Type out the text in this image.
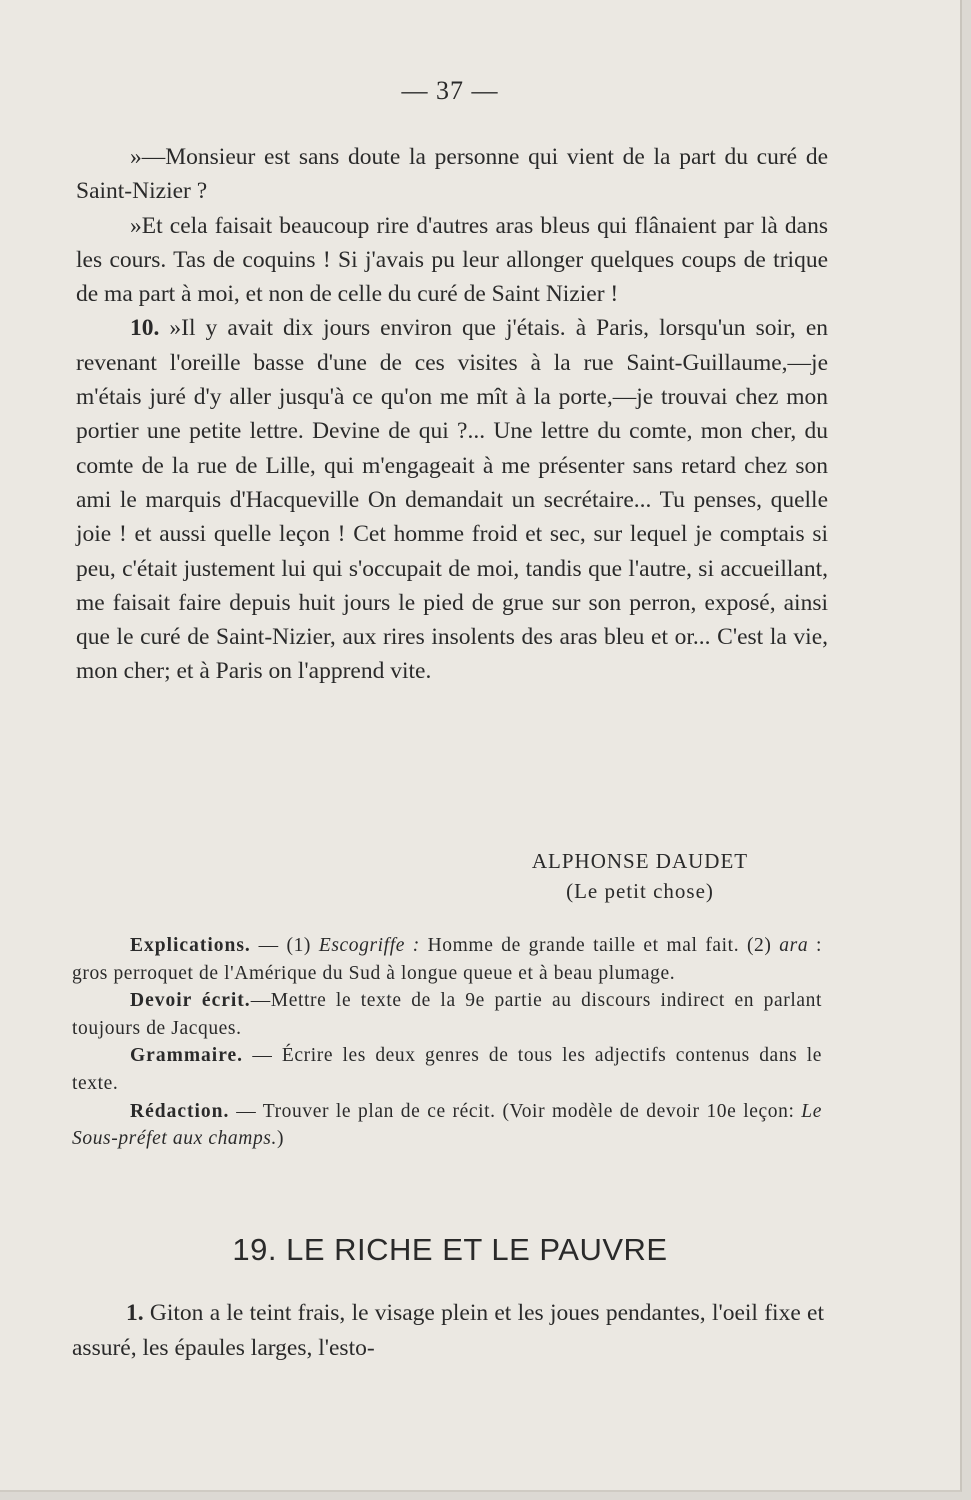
— 37 —

»—Monsieur est sans doute la personne qui vient de la part du curé de Saint-Nizier ?

»Et cela faisait beaucoup rire d'autres aras bleus qui flânaient par là dans les cours. Tas de coquins ! Si j'avais pu leur allonger quelques coups de trique de ma part à moi, et non de celle du curé de Saint Nizier !

10. »Il y avait dix jours environ que j'étais. à Paris, lorsqu'un soir, en revenant l'oreille basse d'une de ces visites à la rue Saint-Guillaume,—je m'étais juré d'y aller jusqu'à ce qu'on me mît à la porte,—je trouvai chez mon portier une petite lettre. Devine de qui ?... Une lettre du comte, mon cher, du comte de la rue de Lille, qui m'engageait à me présenter sans retard chez son ami le marquis d'Hacqueville On demandait un secrétaire... Tu penses, quelle joie ! et aussi quelle leçon ! Cet homme froid et sec, sur lequel je comptais si peu, c'était justement lui qui s'occupait de moi, tandis que l'autre, si accueillant, me faisait faire depuis huit jours le pied de grue sur son perron, exposé, ainsi que le curé de Saint-Nizier, aux rires insolents des aras bleu et or... C'est la vie, mon cher; et à Paris on l'apprend vite.

ALPHONSE DAUDET
(Le petit chose)

Explications. — (1) Escogriffe : Homme de grande taille et mal fait. (2) ara : gros perroquet de l'Amérique du Sud à longue queue et à beau plumage.

Devoir écrit.—Mettre le texte de la 9e partie au discours indirect en parlant toujours de Jacques.

Grammaire. — Écrire les deux genres de tous les adjectifs contenus dans le texte.

Rédaction. — Trouver le plan de ce récit. (Voir modèle de devoir 10e leçon: Le Sous-préfet aux champs.)

19. LE RICHE ET LE PAUVRE

1. Giton a le teint frais, le visage plein et les joues pendantes, l'oeil fixe et assuré, les épaules larges, l'esto-
